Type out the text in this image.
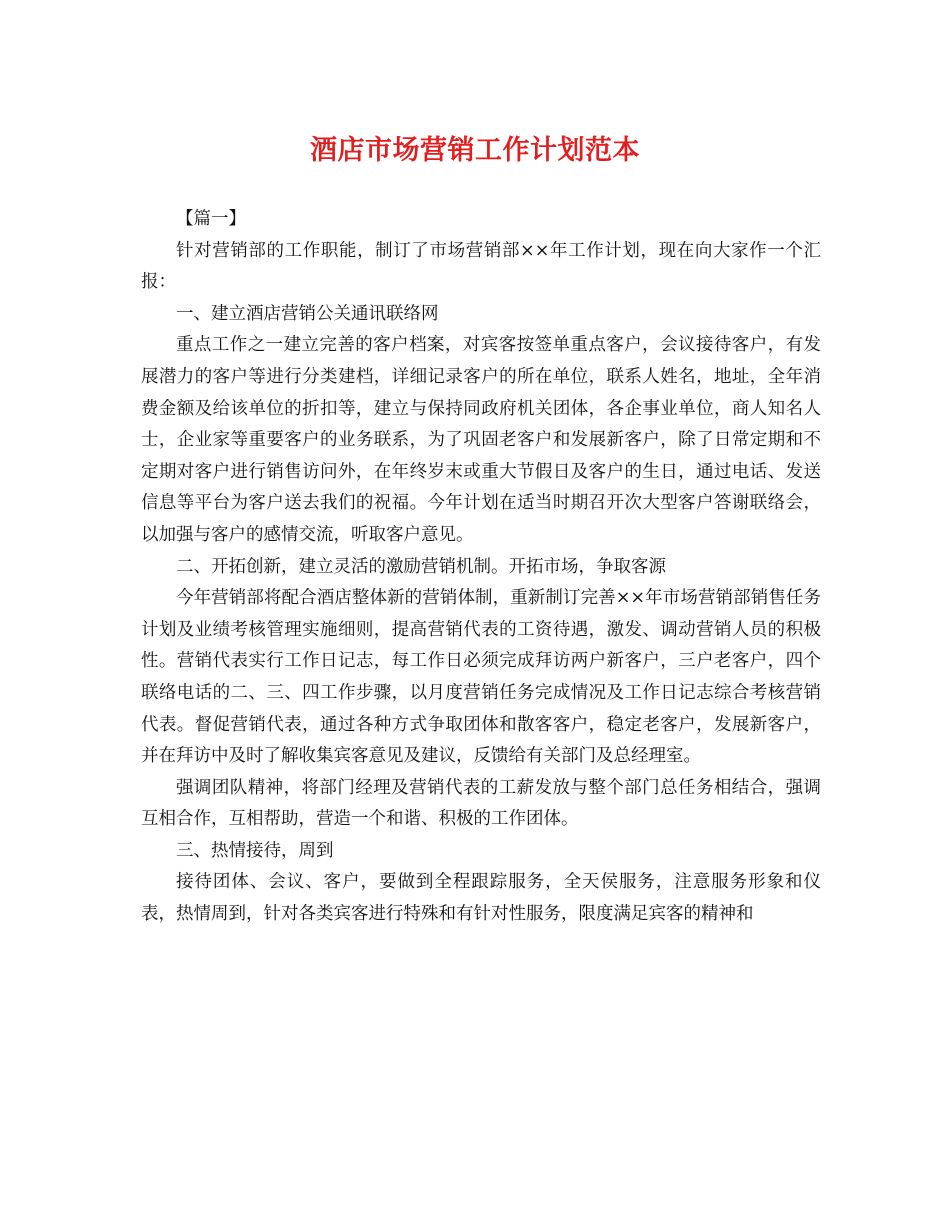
酒店市场营销工作计划范本

【篇一】

针对营销部的工作职能，制订了市场营销部××年工作计划，现在向大家作一个汇报：

一、建立酒店营销公关通讯联络网

重点工作之一建立完善的客户档案，对宾客按签单重点客户，会议接待客户，有发展潜力的客户等进行分类建档，详细记录客户的所在单位，联系人姓名，地址，全年消费金额及给该单位的折扣等，建立与保持同政府机关团体，各企事业单位，商人知名人士，企业家等重要客户的业务联系，为了巩固老客户和发展新客户，除了日常定期和不定期对客户进行销售访问外，在年终岁末或重大节假日及客户的生日，通过电话、发送信息等平台为客户送去我们的祝福。今年计划在适当时期召开次大型客户答谢联络会，以加强与客户的感情交流，听取客户意见。

二、开拓创新，建立灵活的激励营销机制。开拓市场，争取客源

今年营销部将配合酒店整体新的营销体制，重新制订完善××年市场营销部销售任务计划及业绩考核管理实施细则，提高营销代表的工资待遇，激发、调动营销人员的积极性。营销代表实行工作日记志，每工作日必须完成拜访两户新客户，三户老客户，四个联络电话的二、三、四工作步骤，以月度营销任务完成情况及工作日记志综合考核营销代表。督促营销代表，通过各种方式争取团体和散客客户，稳定老客户，发展新客户，并在拜访中及时了解收集宾客意见及建议，反馈给有关部门及总经理室。

强调团队精神，将部门经理及营销代表的工薪发放与整个部门总任务相结合，强调互相合作，互相帮助，营造一个和谐、积极的工作团体。

三、热情接待，周到

接待团体、会议、客户，要做到全程跟踪服务，全天侯服务，注意服务形象和仪表，热情周到，针对各类宾客进行特殊和有针对性服务，限度满足宾客的精神和
